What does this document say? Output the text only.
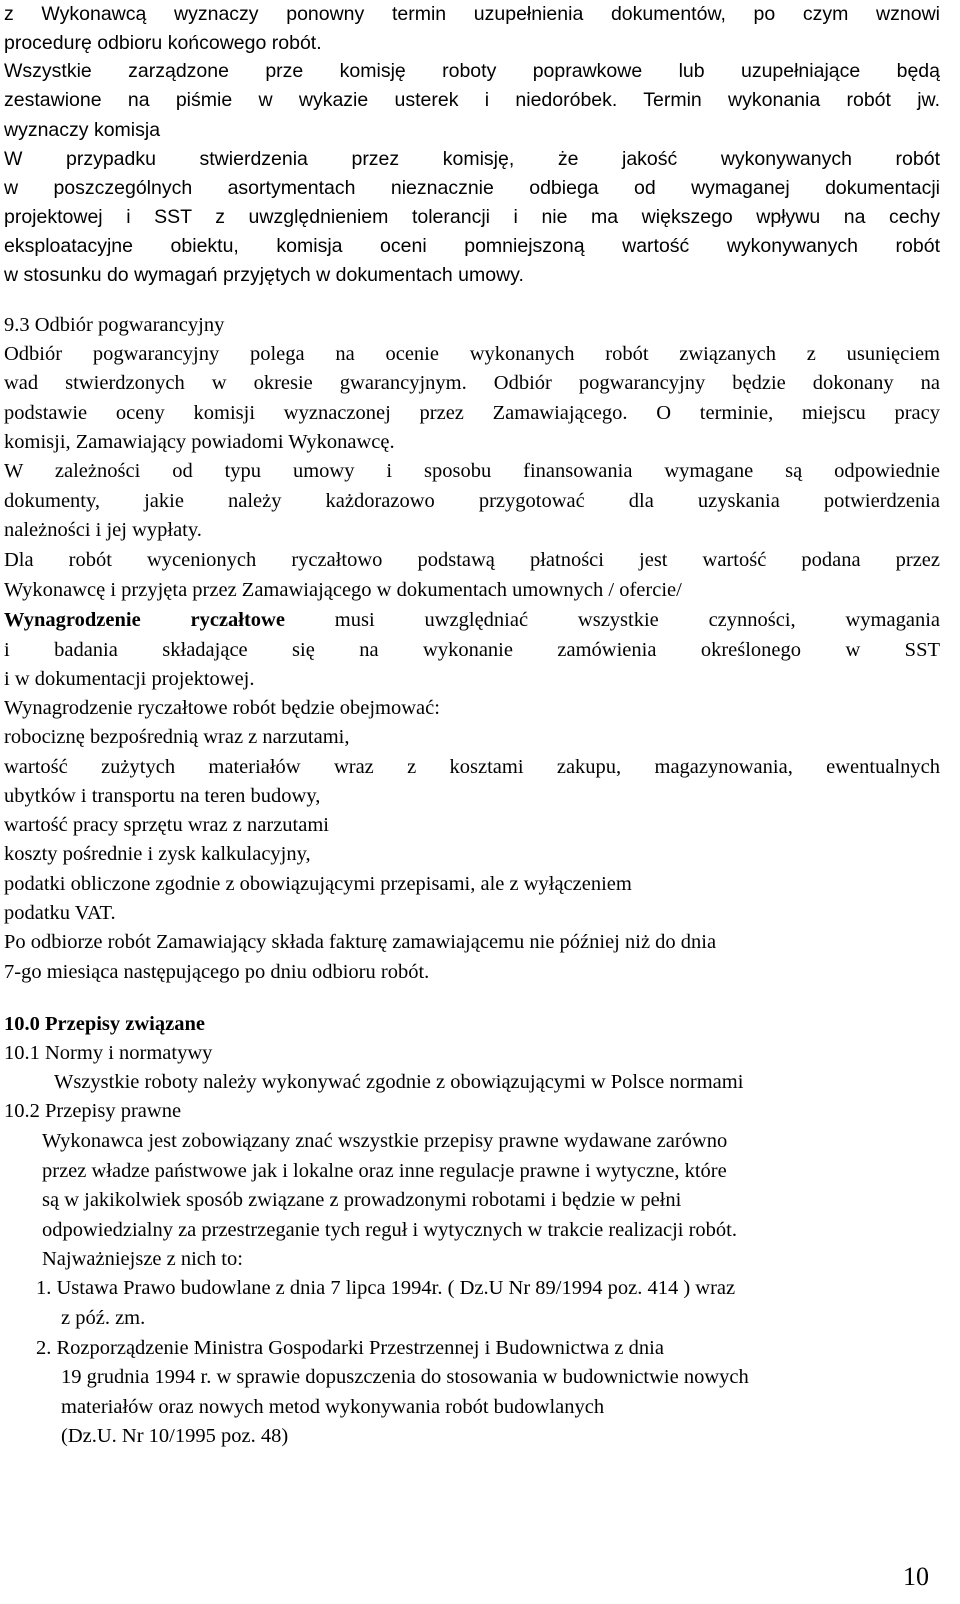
10
z Wykonawcą wyznaczy ponowny termin uzupełnienia dokumentów, po czym wznowi
procedurę odbioru końcowego robót.
Wszystkie zarządzone prze komisję roboty poprawkowe lub uzupełniające będą
zestawione na piśmie w wykazie usterek i niedoróbek. Termin wykonania robót jw.
wyznaczy komisja
W przypadku stwierdzenia przez komisję, że jakość wykonywanych robót
w poszczególnych asortymentach nieznacznie odbiega od wymaganej dokumentacji
projektowej i SST z uwzględnieniem tolerancji i nie ma większego wpływu na cechy
eksploatacyjne obiektu, komisja oceni pomniejszoną wartość wykonywanych robót
w stosunku do wymagań przyjętych w dokumentach umowy.
9.3 Odbiór pogwarancyjny
Odbiór pogwarancyjny polega na ocenie wykonanych robót związanych z usunięciem
wad stwierdzonych w okresie gwarancyjnym. Odbiór pogwarancyjny będzie dokonany na
podstawie oceny komisji wyznaczonej przez Zamawiającego. O terminie, miejscu pracy
komisji, Zamawiający powiadomi Wykonawcę.
W zależności od typu umowy i sposobu finansowania wymagane są odpowiednie
dokumenty, jakie należy każdorazowo przygotować dla uzyskania potwierdzenia
należności i jej wypłaty.
Dla robót wycenionych ryczałtowo podstawą płatności jest wartość podana przez
Wykonawcę i przyjęta przez Zamawiającego w dokumentach umownych / ofercie/
Wynagrodzenie ryczałtowe musi uwzględniać wszystkie czynności, wymagania
i badania składające się na wykonanie zamówienia określonego w SST
i w dokumentacji projektowej.
Wynagrodzenie ryczałtowe robót będzie obejmować:
robociznę bezpośrednią wraz z narzutami,
wartość zużytych materiałów wraz z kosztami zakupu, magazynowania, ewentualnych
ubytków i transportu na teren budowy,
wartość pracy sprzętu wraz z narzutami
koszty pośrednie i zysk kalkulacyjny,
podatki obliczone zgodnie z obowiązującymi przepisami, ale z wyłączeniem
podatku VAT.
Po odbiorze robót Zamawiający składa fakturę zamawiającemu nie później niż do dnia
7-go miesiąca następującego po dniu odbioru robót.
10.0 Przepisy związane
10.1 Normy i normatywy
Wszystkie roboty należy wykonywać zgodnie z obowiązującymi w Polsce normami
10.2 Przepisy prawne
Wykonawca jest zobowiązany znać wszystkie przepisy prawne wydawane zarówno
przez władze państwowe jak i lokalne oraz inne regulacje prawne i wytyczne, które
są w jakikolwiek sposób związane z prowadzonymi robotami i będzie w pełni
odpowiedzialny za przestrzeganie tych reguł i wytycznych w trakcie realizacji robót.
Najważniejsze z nich to:
1. Ustawa Prawo budowlane z dnia 7 lipca 1994r. ( Dz.U Nr 89/1994 poz. 414 ) wraz
z póź. zm.
2. Rozporządzenie Ministra Gospodarki Przestrzennej i Budownictwa z dnia
19 grudnia 1994 r. w sprawie dopuszczenia do stosowania w budownictwie nowych
materiałów oraz nowych metod wykonywania robót budowlanych
(Dz.U. Nr 10/1995 poz. 48)
